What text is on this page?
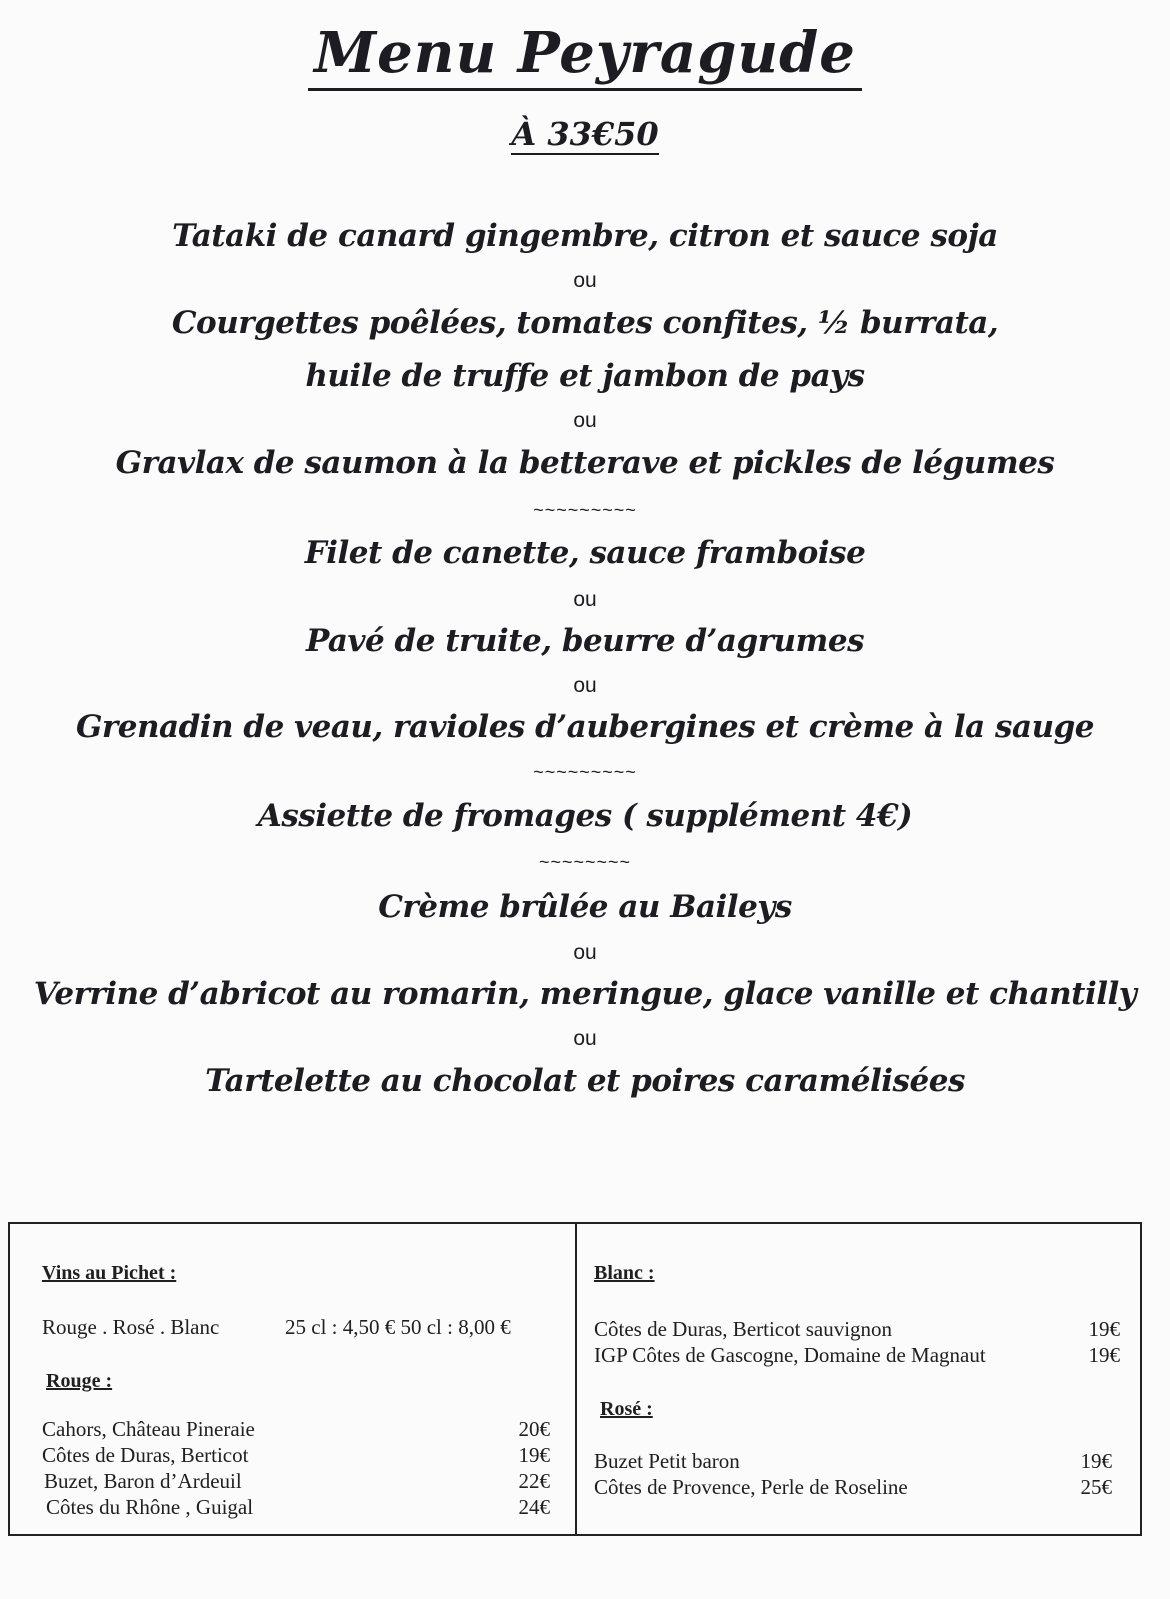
Menu Peyragude
À 33€50
Tataki de canard gingembre, citron et sauce soja
ou
Courgettes poêlées, tomates confites, ½ burrata,
huile de truffe et jambon de pays
ou
Gravlax de saumon à la betterave et pickles de légumes
~~~~~~~~~
Filet de canette, sauce framboise
ou
Pavé de truite, beurre d’agrumes
ou
Grenadin de veau, ravioles d’aubergines et crème à la sauge
~~~~~~~~~
Assiette de fromages ( supplément 4€)
~~~~~~~~
Crème brûlée au Baileys
ou
Verrine d’abricot au romarin, meringue, glace vanille et chantilly
ou
Tartelette au chocolat et poires caramélisées
Vins au Pichet :
Rouge . Rosé . Blanc	25 cl : 4,50 € 50 cl : 8,00 €
Rouge :
Cahors, Château Pineraie	20€
Côtes de Duras, Berticot	19€
Buzet, Baron d’Ardeuil	22€
Côtes du Rhône , Guigal	24€
Blanc :
Côtes de Duras, Berticot sauvignon	19€
IGP Côtes de Gascogne, Domaine de Magnaut	19€
Rosé :
Buzet Petit baron	19€
Côtes de Provence, Perle de Roseline	25€
